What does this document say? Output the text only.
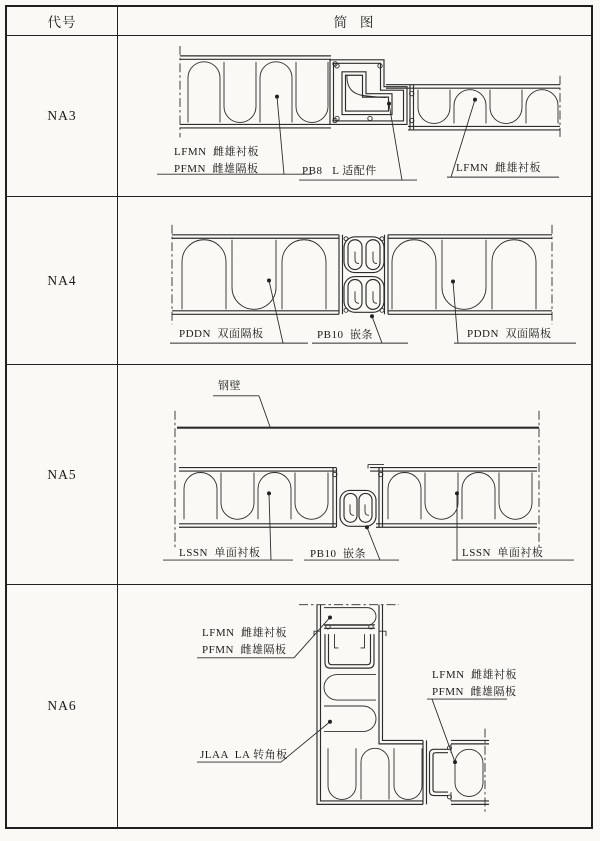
代号	简  图
NA3
LFMN  雌雄衬板
PFMN  雌雄隔板	PB8   L 适配件	LFMN  雌雄衬板
NA4
PDDN  双面隔板	PB10  嵌条	PDDN  双面隔板
NA5
钢壁
LSSN  单面衬板	PB10  嵌条	LSSN  单面衬板
NA6
LFMN  雌雄衬板
PFMN  雌雄隔板
LFMN  雌雄衬板
PFMN  雌雄隔板
JLAA  LA 转角板
